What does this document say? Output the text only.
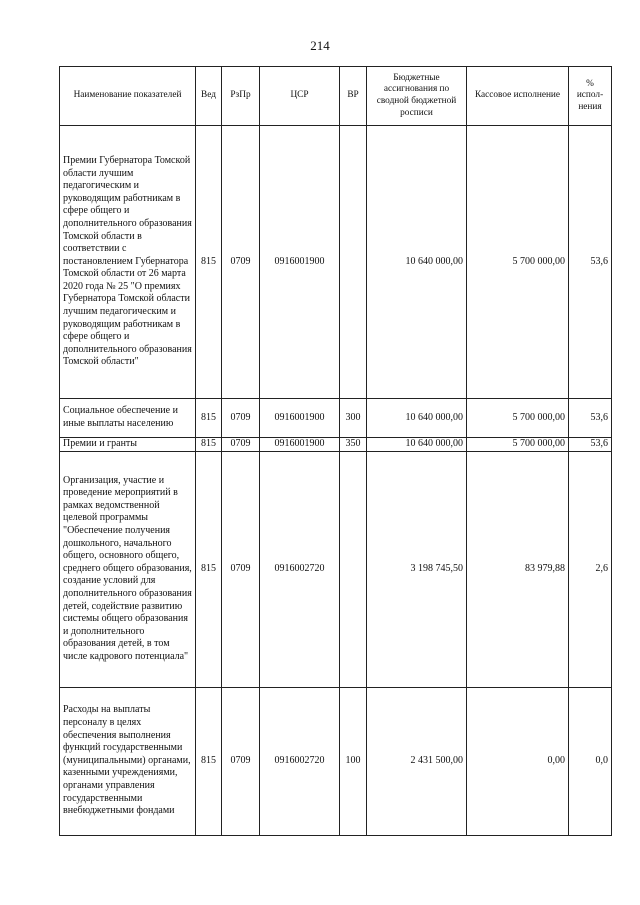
214
Наименование показателей	Вед	РзПр	ЦСР	ВР	Бюджетные ассигнования по сводной бюджетной росписи	Кассовое исполнение	% испол-нения
Премии Губернатора Томской области лучшим педагогическим и руководящим работникам в сфере общего и дополнительного образования Томской области в соответствии с постановлением Губернатора Томской области от 26 марта 2020 года № 25 "О премиях Губернатора Томской области лучшим педагогическим и руководящим работникам в сфере общего и дополнительного образования Томской области"	815	0709	0916001900		10 640 000,00	5 700 000,00	53,6
Социальное обеспечение и иные выплаты населению	815	0709	0916001900	300	10 640 000,00	5 700 000,00	53,6
Премии и гранты	815	0709	0916001900	350	10 640 000,00	5 700 000,00	53,6
Организация, участие и проведение мероприятий в рамках ведомственной целевой программы "Обеспечение получения дошкольного, начального общего, основного общего, среднего общего образования, создание условий для дополнительного образования детей, содействие развитию системы общего образования и дополнительного образования детей, в том числе кадрового потенциала"	815	0709	0916002720		3 198 745,50	83 979,88	2,6
Расходы на выплаты персоналу в целях обеспечения выполнения функций государственными (муниципальными) органами, казенными учреждениями, органами управления государственными внебюджетными фондами	815	0709	0916002720	100	2 431 500,00	0,00	0,0
